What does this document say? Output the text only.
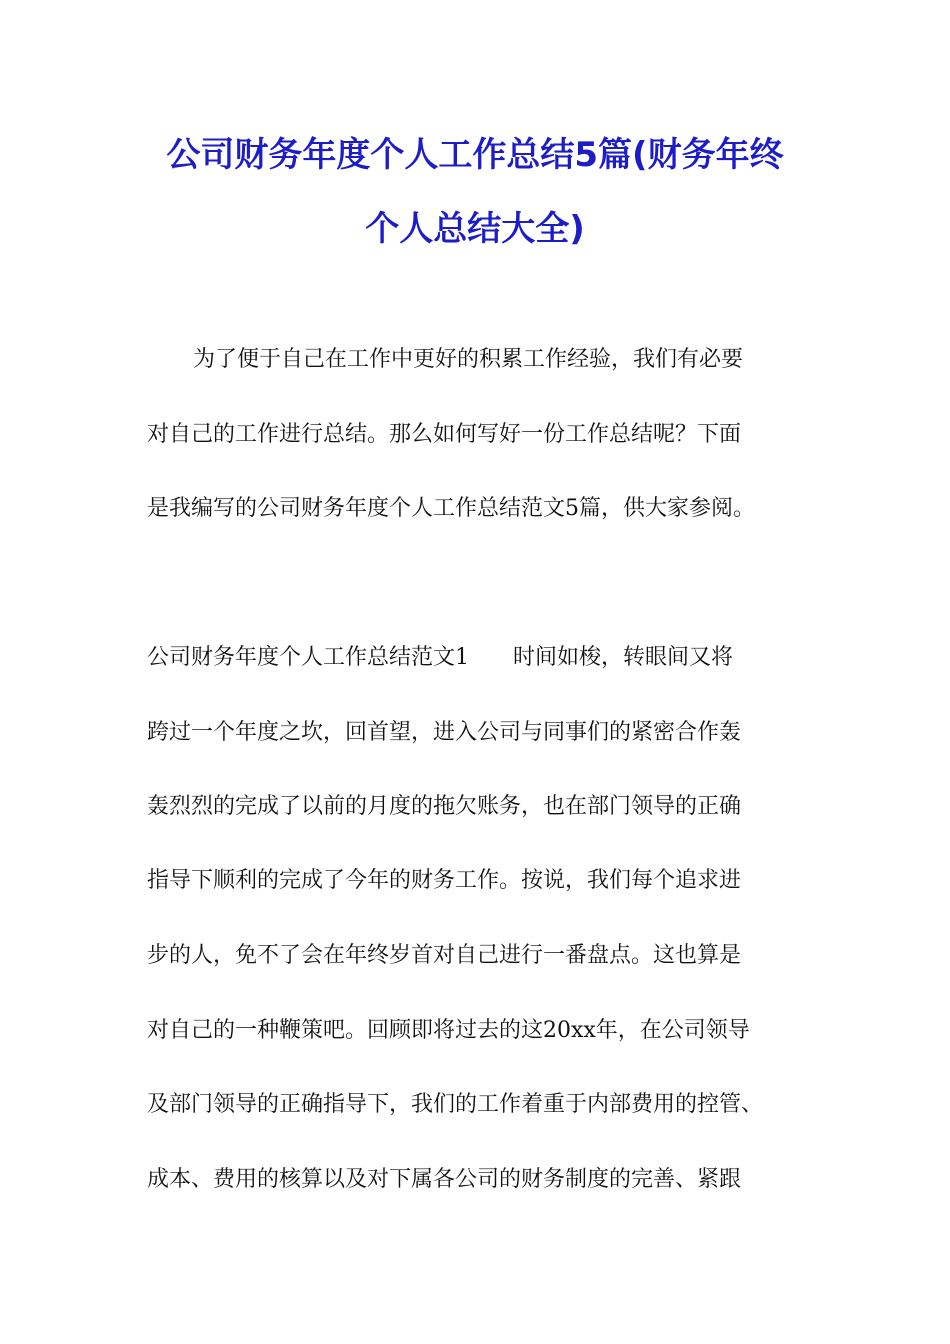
公司财务年度个人工作总结5篇(财务年终
个人总结大全)
为了便于自己在工作中更好的积累工作经验，我们有必要
对自己的工作进行总结。那么如何写好一份工作总结呢？下面
是我编写的公司财务年度个人工作总结范文5篇，供大家参阅。
公司财务年度个人工作总结范文1　　时间如梭，转眼间又将
跨过一个年度之坎，回首望，进入公司与同事们的紧密合作轰
轰烈烈的完成了以前的月度的拖欠账务，也在部门领导的正确
指导下顺利的完成了今年的财务工作。按说，我们每个追求进
步的人，免不了会在年终岁首对自己进行一番盘点。这也算是
对自己的一种鞭策吧。回顾即将过去的这20xx年，在公司领导
及部门领导的正确指导下，我们的工作着重于内部费用的控管、
成本、费用的核算以及对下属各公司的财务制度的完善、紧跟
